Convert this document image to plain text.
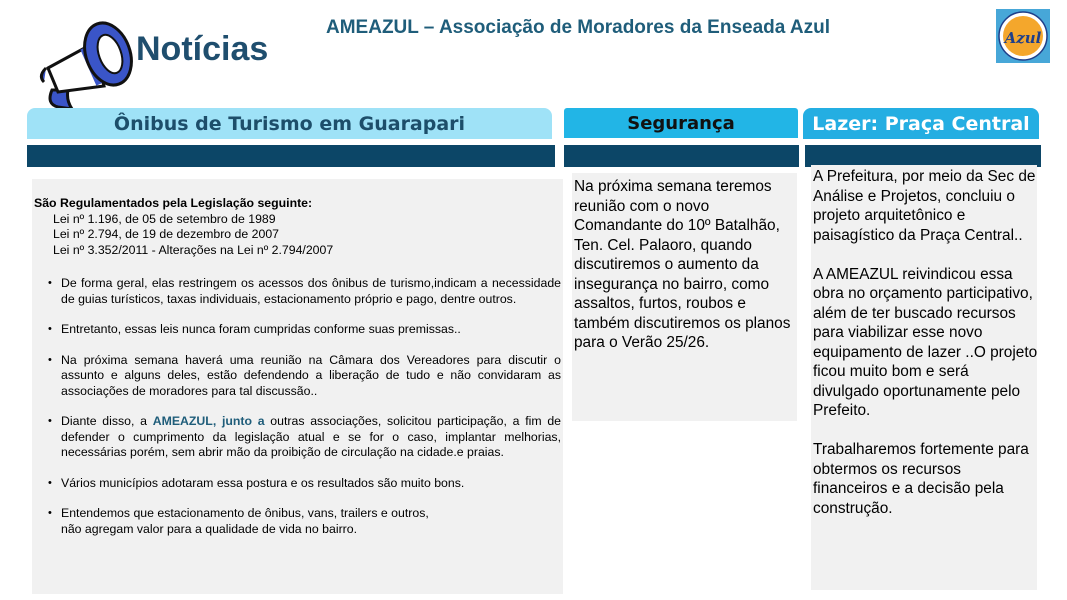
Notícias
AMEAZUL – Associação de Moradores da Enseada Azul	Azul
Ônibus de Turismo em Guarapari	Segurança	Lazer: Praça Central
São Regulamentados pela Legislação seguinte:
Lei nº 1.196, de 05 de setembro de 1989
Lei nº 2.794, de 19 de dezembro de 2007
Lei nº 3.352/2011 - Alterações na Lei nº 2.794/2007
• De forma geral, elas restringem os acessos dos ônibus de turismo,indicam a necessidade de guias turísticos, taxas individuais, estacionamento próprio e pago, dentre outros.
• Entretanto, essas leis nunca foram cumpridas conforme suas premissas..
• Na próxima semana haverá uma reunião na Câmara dos Vereadores para discutir o assunto e alguns deles, estão defendendo a liberação de tudo e não convidaram as associações de moradores para tal discussão..
• Diante disso, a AMEAZUL, junto a outras associações, solicitou participação, a fim de defender o cumprimento da legislação atual e se for o caso, implantar melhorias, necessárias porém, sem abrir mão da proibição de circulação na cidade.e praias.
• Vários municípios adotaram essa postura e os resultados são muito bons.
• Entendemos que estacionamento de ônibus, vans, trailers e outros,
não agregam valor para a qualidade de vida no bairro.
Na próxima semana teremos reunião com o novo Comandante do 10º Batalhão, Ten. Cel. Palaoro, quando discutiremos o aumento da insegurança no bairro, como assaltos, furtos, roubos e também discutiremos os planos para o Verão 25/26.

A Prefeitura, por meio da Sec de Análise e Projetos, concluiu o projeto arquitetônico e paisagístico da Praça Central..

A AMEAZUL reivindicou essa obra no orçamento participativo, além de ter buscado recursos para viabilizar esse novo equipamento de lazer ..O projeto ficou muito bom e será divulgado oportunamente pelo Prefeito.

Trabalharemos fortemente para obtermos os recursos financeiros e a decisão pela construção.
